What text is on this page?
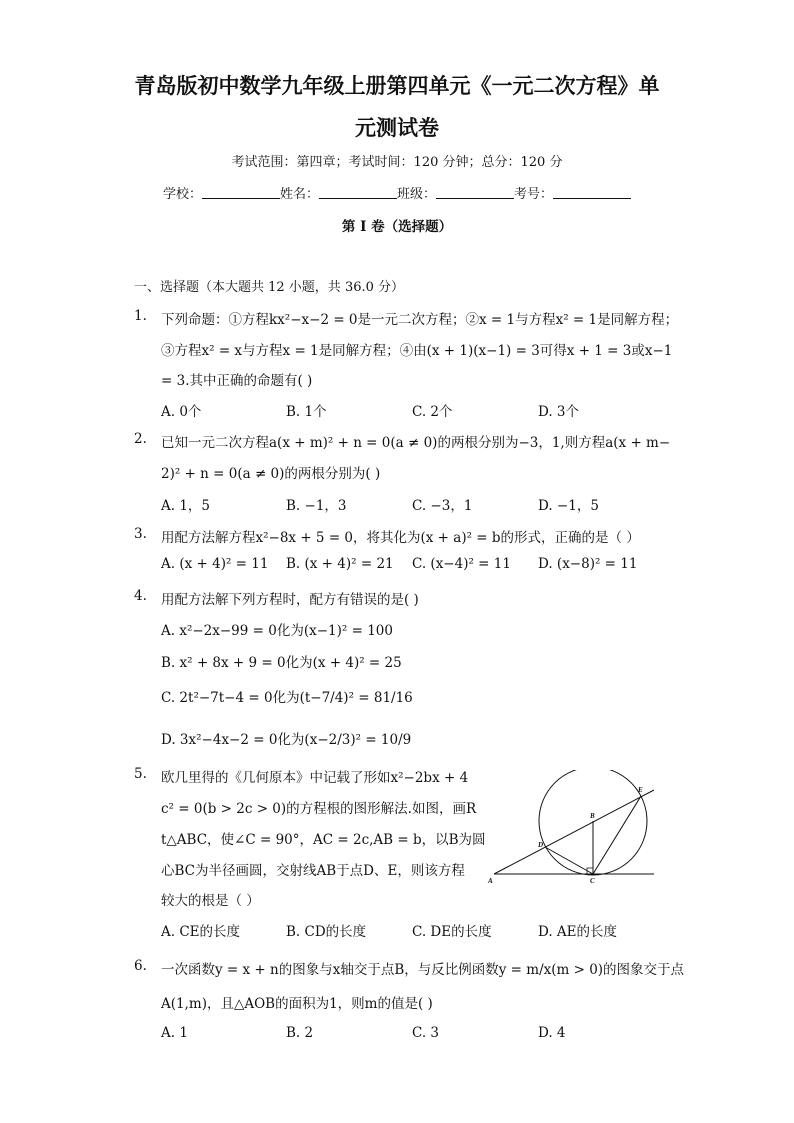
青岛版初中数学九年级上册第四单元《一元二次方程》单
元测试卷
考试范围：第四章；考试时间：120 分钟；总分：120 分
学校：	姓名：	班级：	考号：
第 I 卷（选择题）
一、选择题（本大题共 12 小题，共 36.0 分）
1. 下列命题：①方程kx²−x−2 = 0是一元二次方程；②x = 1与方程x² = 1是同解方程；
③方程x² = x与方程x = 1是同解方程；④由(x + 1)(x−1) = 3可得x + 1 = 3或x−1
= 3.其中正确的命题有( )
A. 0个	B. 1个	C. 2个	D. 3个
2. 已知一元二次方程a(x + m)² + n = 0(a ≠ 0)的两根分别为−3，1,则方程a(x + m−
2)² + n = 0(a ≠ 0)的两根分别为( )
A. 1，5	B. −1，3	C. −3，1	D. −1，5
3. 用配方法解方程x²−8x + 5 = 0，将其化为(x + a)² = b的形式，正确的是（ ）
A. (x + 4)² = 11 B. (x + 4)² = 21 C. (x−4)² = 11 D. (x−8)² = 11
4. 用配方法解下列方程时，配方有错误的是( )
A. x²−2x−99 = 0化为(x−1)² = 100
B. x² + 8x + 9 = 0化为(x + 4)² = 25
C. 2t²−7t−4 = 0化为(t−7/4)² = 81/16
D. 3x²−4x−2 = 0化为(x−2/3)² = 10/9
5. 欧几里得的《几何原本》中记载了形如x²−2bx + 4
c² = 0(b > 2c > 0)的方程根的图形解法.如图，画R
t△ABC，使∠C = 90°，AC = 2c,AB = b，以B为圆
心BC为半径画圆，交射线AB于点D、E，则该方程
较大的根是（ ）
A
B
C
D
E
A. CE的长度	B. CD的长度	C. DE的长度	D. AE的长度
6. 一次函数y = x + n的图象与x轴交于点B，与反比例函数y = m/x(m > 0)的图象交于点
A(1,m)，且△AOB的面积为1，则m的值是( )
A. 1	B. 2	C. 3	D. 4
